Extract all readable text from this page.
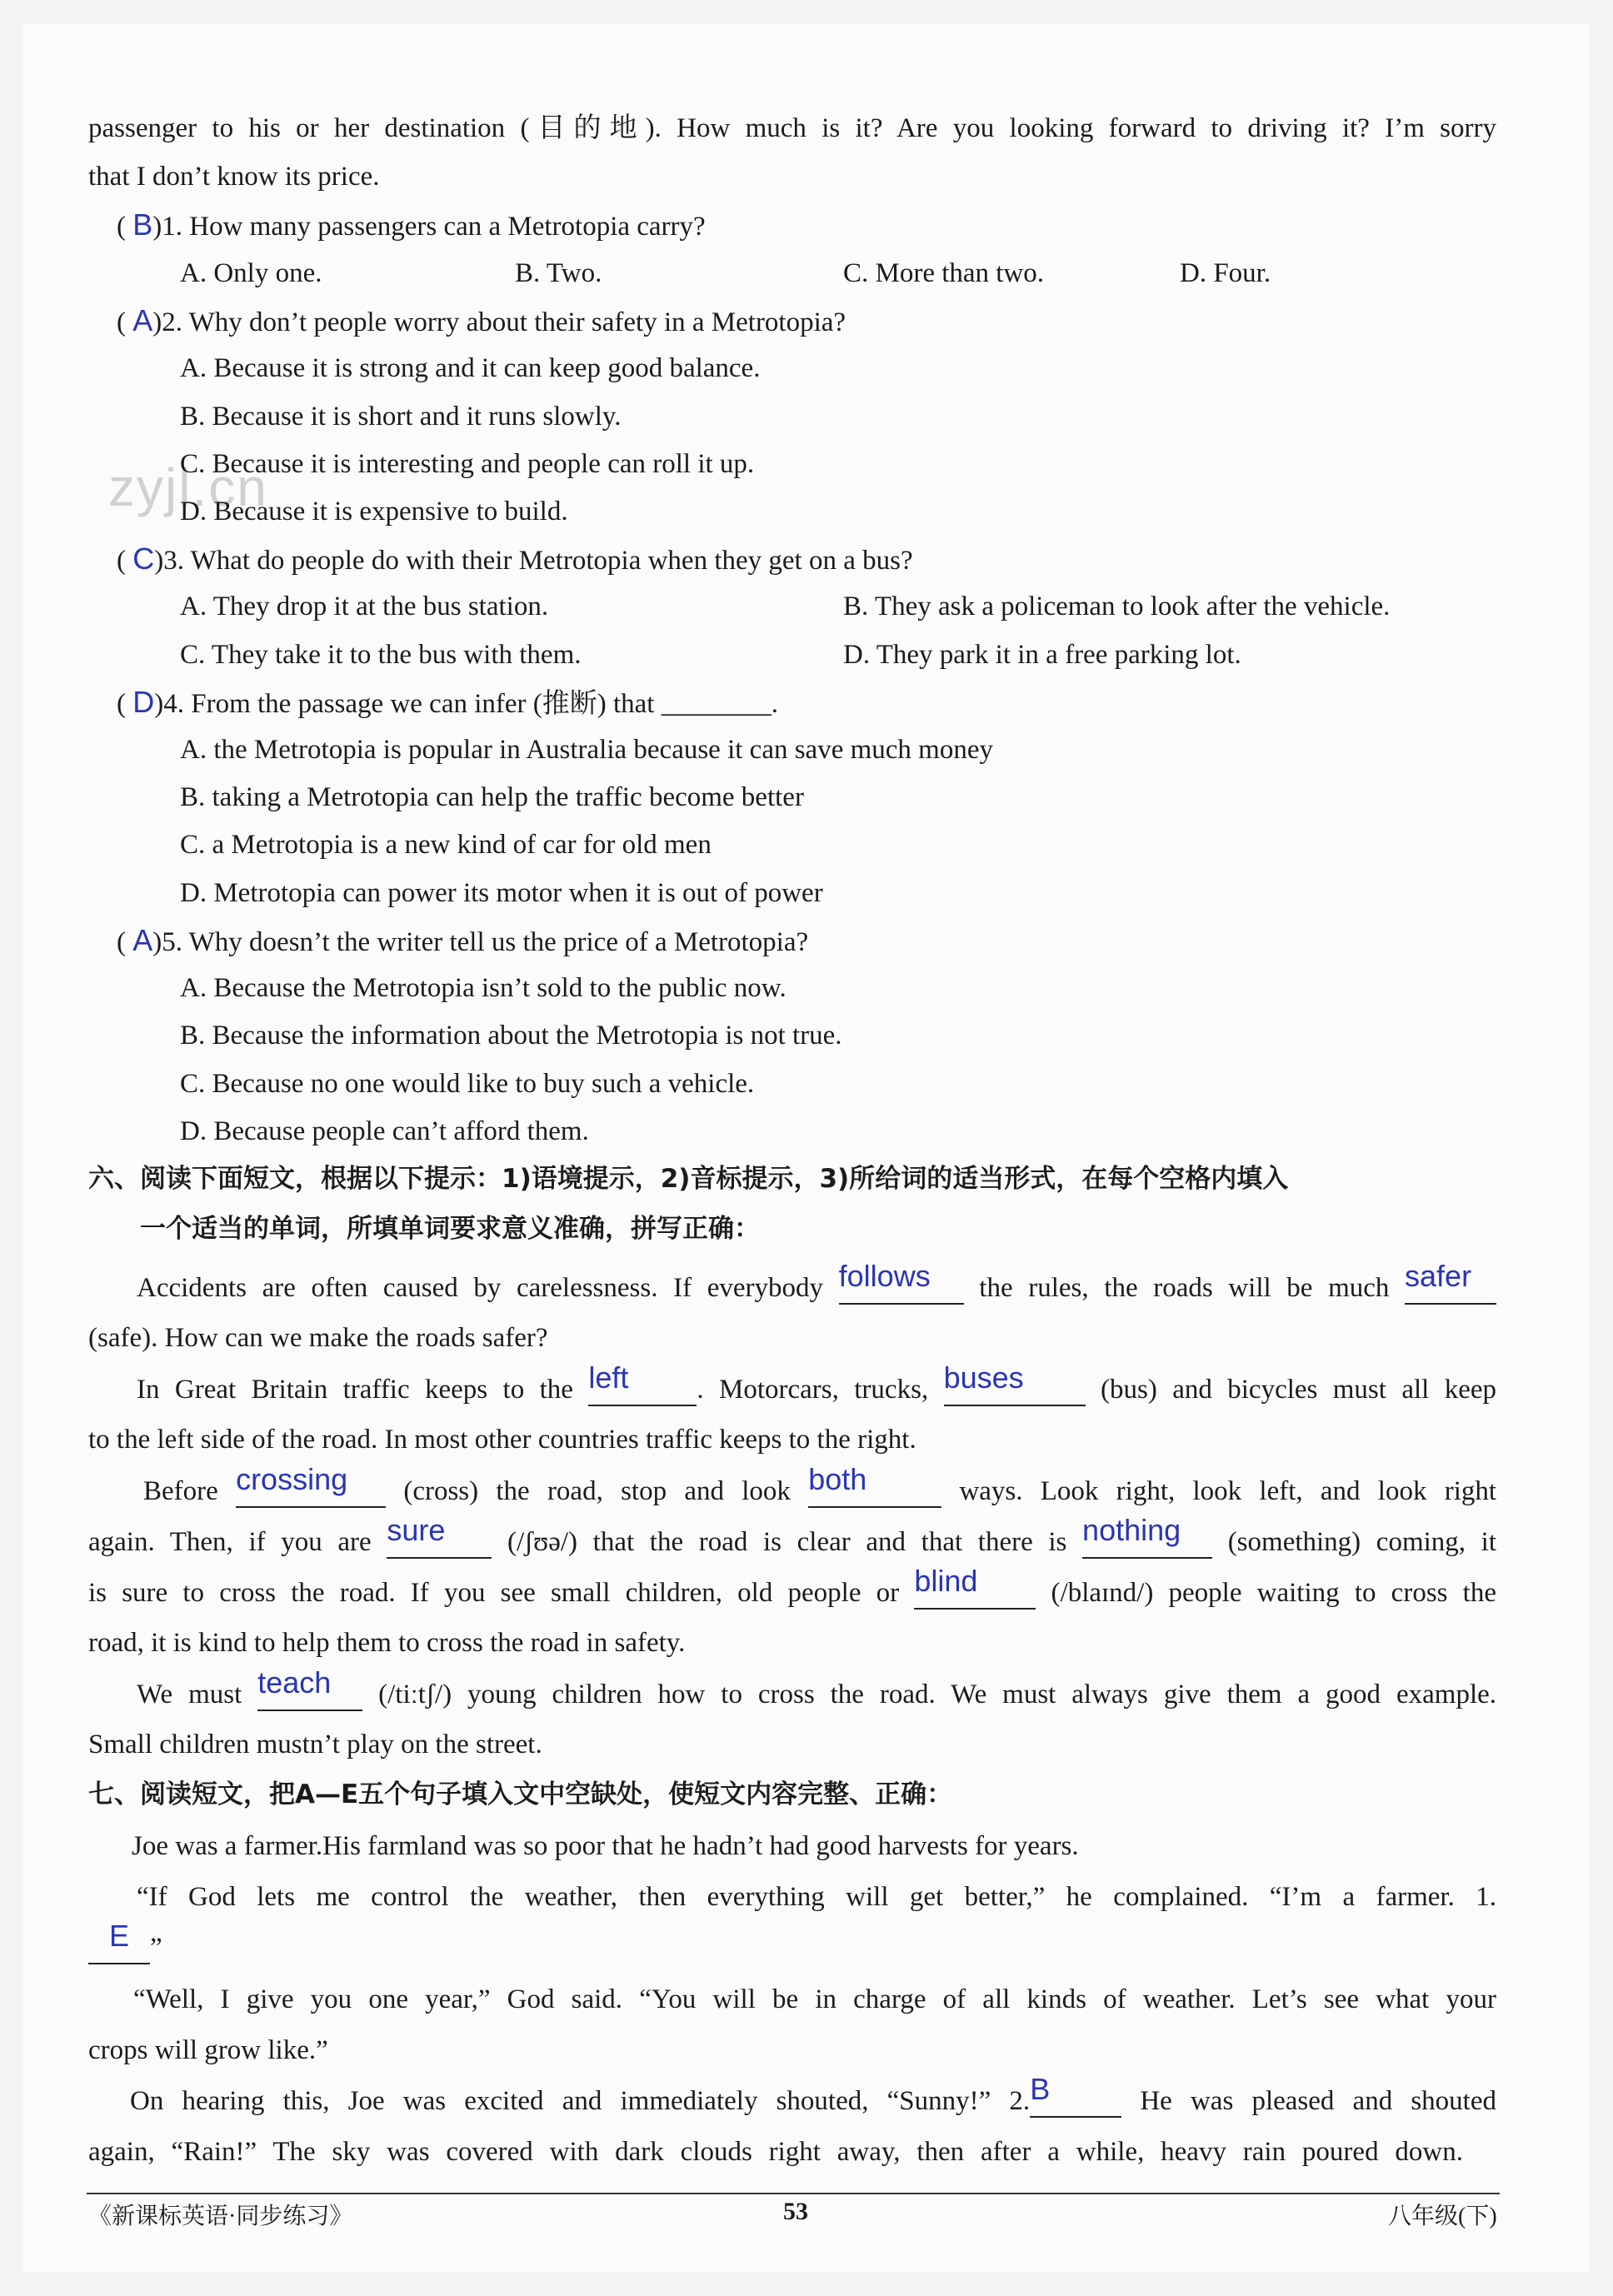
zyjl.cn
passenger to his or her destination (目的地). How much is it? Are you looking forward to driving it? I’m sorry
that I don’t know its price.
( B)1. How many passengers can a Metrotopia carry?
A. Only one.	B. Two.	C. More than two.	D. Four.
( A)2. Why don’t people worry about their safety in a Metrotopia?
A. Because it is strong and it can keep good balance.
B. Because it is short and it runs slowly.
C. Because it is interesting and people can roll it up.
D. Because it is expensive to build.
( C)3. What do people do with their Metrotopia when they get on a bus?
A. They drop it at the bus station.	B. They ask a policeman to look after the vehicle.
C. They take it to the bus with them.	D. They park it in a free parking lot.
( D)4. From the passage we can infer (推断) that ________.
A. the Metrotopia is popular in Australia because it can save much money
B. taking a Metrotopia can help the traffic become better
C. a Metrotopia is a new kind of car for old men
D. Metrotopia can power its motor when it is out of power
( A)5. Why doesn’t the writer tell us the price of a Metrotopia?
A. Because the Metrotopia isn’t sold to the public now.
B. Because the information about the Metrotopia is not true.
C. Because no one would like to buy such a vehicle.
D. Because people can’t afford them.
六、阅读下面短文，根据以下提示：1)语境提示，2)音标提示，3)所给词的适当形式，在每个空格内填入
一个适当的单词，所填单词要求意义准确，拼写正确：
Accidents are often caused by carelessness. If everybody follows the rules, the roads will be much safer
(safe). How can we make the roads safer?
In Great Britain traffic keeps to the left . Motorcars, trucks, buses	(bus) and bicycles must all keep
to the left side of the road. In most other countries traffic keeps to the right.
Before crossing (cross) the road, stop and look both	ways. Look right, look left, and look right
again. Then, if you are sure (/ʃʊə/) that the road is clear and that there is nothing (something) coming, it
is sure to cross the road. If you see small children, old people or blind	(/blaɪnd/) people waiting to cross the
road, it is kind to help them to cross the road in safety.
We must teach (/tiːtʃ/) young children how to cross the road. We must always give them a good example.
Small children mustn’t play on the street.
七、阅读短文，把A—E五个句子填入文中空缺处，使短文内容完整、正确：
Joe was a farmer.His farmland was so poor that he hadn’t had good harvests for years.
“If God lets me control the weather, then everything will get better,” he complained. “I’m a farmer. 1.
E ”
“Well, I give you one year,” God said. “You will be in charge of all kinds of weather. Let’s see what your
crops will grow like.”
On hearing this, Joe was excited and immediately shouted, “Sunny!” 2.B	He was pleased and shouted
again, “Rain!” The sky was covered with dark clouds right away, then after a while, heavy rain poured down.
《新课标英语·同步练习》	53	八年级(下)
